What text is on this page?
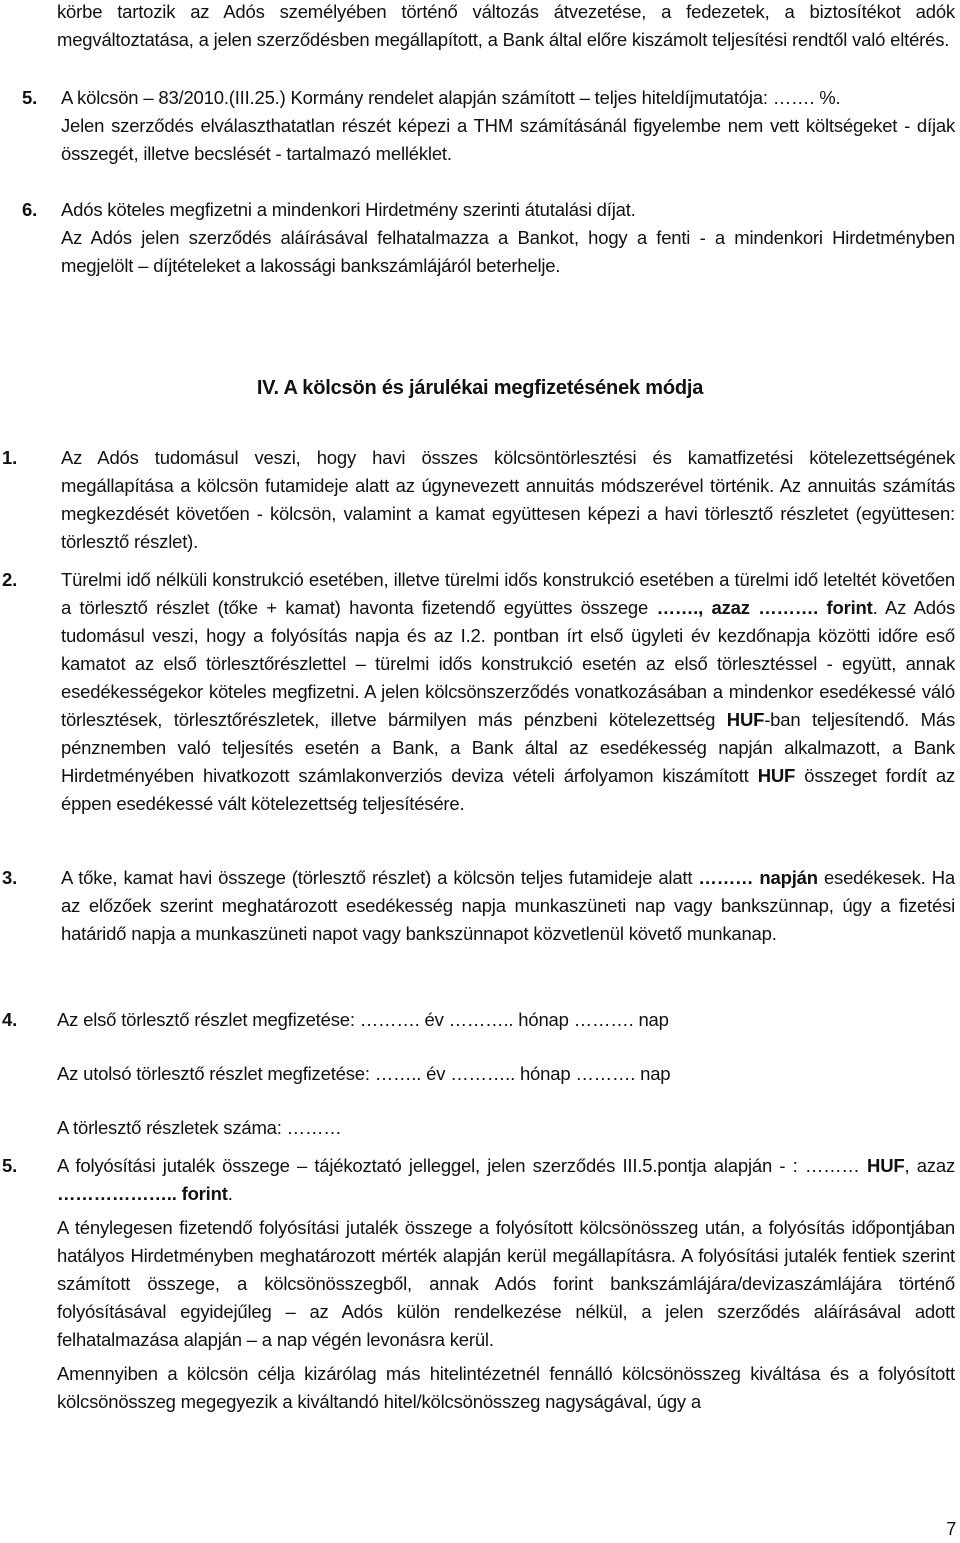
körbe tartozik az Adós személyében történő változás átvezetése, a fedezetek, a biztosítékot adók megváltoztatása, a jelen szerződésben megállapított, a Bank által előre kiszámolt teljesítési rendtől való eltérés.

5. A kölcsön – 83/2010.(III.25.) Kormány rendelet alapján számított – teljes hiteldíjmutatója: ……. %.

Jelen szerződés elválaszthatatlan részét képezi a THM számításánál figyelembe nem vett költségeket - díjak összegét, illetve becslését - tartalmazó melléklet.

6. Adós köteles megfizetni a mindenkori Hirdetmény szerinti átutalási díjat.

Az Adós jelen szerződés aláírásával felhatalmazza a Bankot, hogy a fenti - a mindenkori Hirdetményben megjelölt – díjtételeket a lakossági bankszámlájáról beterhelje.

IV. A kölcsön és járulékai megfizetésének módja
1. Az Adós tudomásul veszi, hogy havi összes kölcsöntörlesztési és kamatfizetési kötelezettségének megállapítása a kölcsön futamideje alatt az úgynevezett annuitás módszerével történik. Az annuitás számítás megkezdését követően - kölcsön, valamint a kamat együttesen képezi a havi törlesztő részletet (együttesen: törlesztő részlet).

2. Türelmi idő nélküli konstrukció esetében, illetve türelmi idős konstrukció esetében a türelmi idő leteltét követően a törlesztő részlet (tőke + kamat) havonta fizetendő együttes összege ……., azaz ………. forint. Az Adós tudomásul veszi, hogy a folyósítás napja és az I.2. pontban írt első ügyleti év kezdőnapja közötti időre eső kamatot az első törlesztőrészlettel – türelmi idős konstrukció esetén az első törlesztéssel - együtt, annak esedékességekor köteles megfizetni. A jelen kölcsönszerződés vonatkozásában a mindenkor esedékessé váló törlesztések, törlesztőrészletek, illetve bármilyen más pénzbeni kötelezettség HUF-ban teljesítendő. Más pénznemben való teljesítés esetén a Bank, a Bank által az esedékesség napján alkalmazott, a Bank Hirdetményében hivatkozott számlakonverziós deviza vételi árfolyamon kiszámított HUF összeget fordít az éppen esedékessé vált kötelezettség teljesítésére.

3. A tőke, kamat havi összege (törlesztő részlet) a kölcsön teljes futamideje alatt ……… napján esedékesek. Ha az előzőek szerint meghatározott esedékesség napja munkaszüneti nap vagy bankszünnap, úgy a fizetési határidő napja a munkaszüneti napot vagy bankszünnapot közvetlenül követő munkanap.

4. Az első törlesztő részlet megfizetése: ………. év ……….. hónap ………. nap
Az utolsó törlesztő részlet megfizetése: …….. év ……….. hónap ………. nap
A törlesztő részletek száma: ………
5. A folyósítási jutalék összege – tájékoztató jelleggel, jelen szerződés III.5.pontja alapján - : ……… HUF, azaz ……………….. forint.

A ténylegesen fizetendő folyósítási jutalék összege a folyósított kölcsönösszeg után, a folyósítás időpontjában hatályos Hirdetményben meghatározott mérték alapján kerül megállapításra. A folyósítási jutalék fentiek szerint számított összege, a kölcsönösszegből, annak Adós forint bankszámlájára/devizaszámlájára történő folyósításával egyidejűleg – az Adós külön rendelkezése nélkül, a jelen szerződés aláírásával adott felhatalmazása alapján – a nap végén levonásra kerül.

Amennyiben a kölcsön célja kizárólag más hitelintézetnél fennálló kölcsönösszeg kiváltása és a folyósított kölcsönösszeg megegyezik a kiváltandó hitel/kölcsönösszeg nagyságával, úgy a

7
